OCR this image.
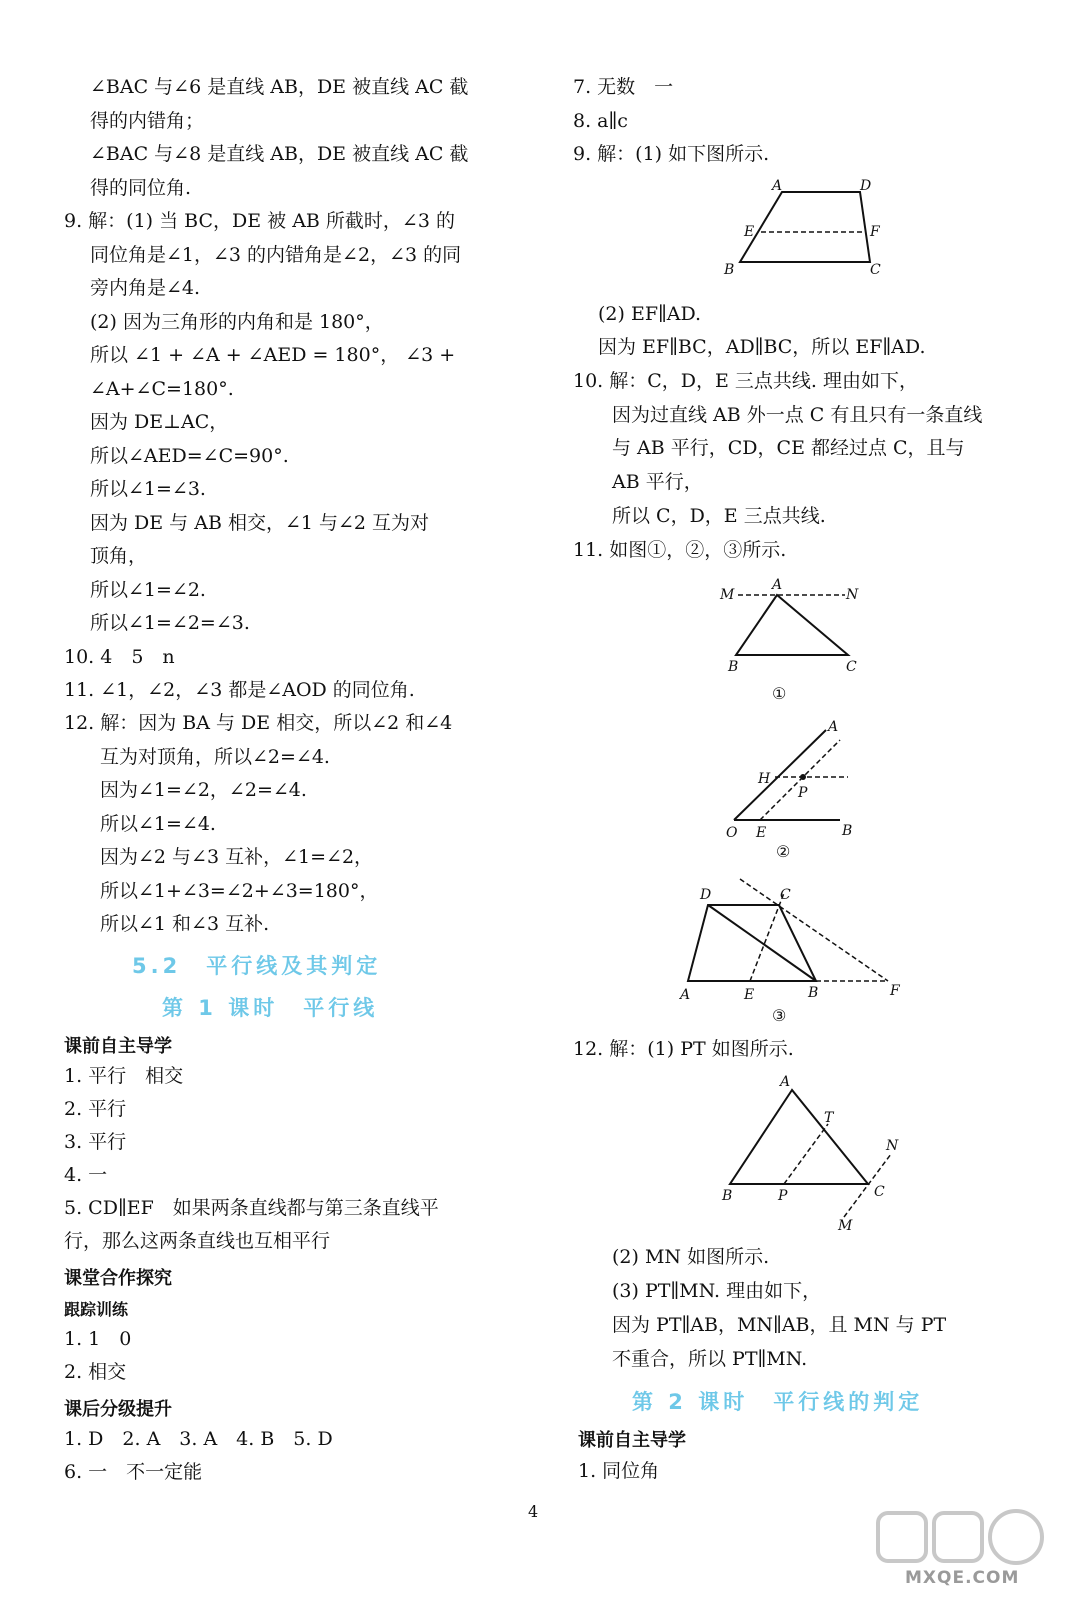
∠BAC 与∠6 是直线 AB，DE 被直线 AC 截
得的内错角；
∠BAC 与∠8 是直线 AB，DE 被直线 AC 截
得的同位角.
9. 解：(1) 当 BC，DE 被 AB 所截时，∠3 的
同位角是∠1，∠3 的内错角是∠2，∠3 的同
旁内角是∠4.
(2) 因为三角形的内角和是 180°，
所以 ∠1 + ∠A + ∠AED = 180°， ∠3 +
∠A+∠C=180°.
因为 DE⊥AC，
所以∠AED=∠C=90°.
所以∠1=∠3.
因为 DE 与 AB 相交，∠1 与∠2 互为对
顶角，
所以∠1=∠2.
所以∠1=∠2=∠3.
10. 4　5　n
11. ∠1，∠2，∠3 都是∠AOD 的同位角.
12. 解：因为 BA 与 DE 相交，所以∠2 和∠4
互为对顶角，所以∠2=∠4.
因为∠1=∠2，∠2=∠4.
所以∠1=∠4.
因为∠2 与∠3 互补，∠1=∠2，
所以∠1+∠3=∠2+∠3=180°，
所以∠1 和∠3 互补.
5.2　平行线及其判定
第 1 课时　平行线
课前自主导学
1. 平行　相交
2. 平行
3. 平行
4. 一
5. CD∥EF　如果两条直线都与第三条直线平
行，那么这两条直线也互相平行
课堂合作探究
跟踪训练
1. 1　0
2. 相交
课后分级提升
1. D　2. A　3. A　4. B　5. D
6. 一　不一定能
7. 无数　一
8. a∥c
9. 解：(1) 如下图所示.
A	D
E	F
B	C
(2) EF∥AD.
因为 EF∥BC，AD∥BC，所以 EF∥AD.
10. 解：C，D，E 三点共线. 理由如下，
因为过直线 AB 外一点 C 有且只有一条直线
与 AB 平行，CD，CE 都经过点 C，且与
AB 平行，
所以 C，D，E 三点共线.
11. 如图①，②，③所示.
M
A
N
B	C
①
A
H
P
O E	B
②
D	C
A	E	B	F
③
12. 解：(1) PT 如图所示.
A
T
N
B	P	C
M
(2) MN 如图所示.
(3) PT∥MN. 理由如下，
因为 PT∥AB，MN∥AB，且 MN 与 PT
不重合，所以 PT∥MN.
第 2 课时　平行线的判定
课前自主导学
1. 同位角
4
MXQE.COM
